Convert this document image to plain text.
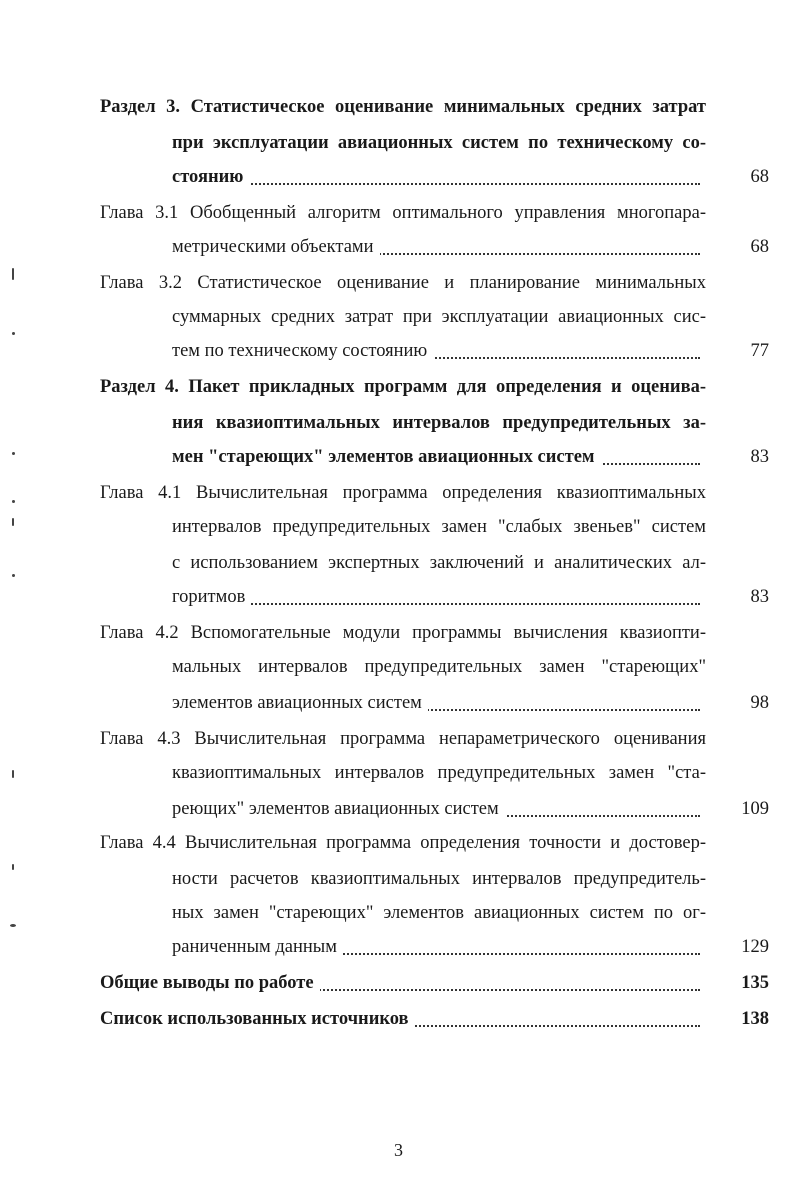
Раздел 3. Статистическое оценивание минимальных средних затрат
при эксплуатации авиационных систем по техническому со-
стоянию	68
Глава 3.1 Обобщенный алгоритм оптимального управления многопара-
метрическими объектами	68
Глава 3.2 Статистическое оценивание и планирование минимальных
суммарных средних затрат при эксплуатации авиационных сис-
тем по техническому состоянию	77
Раздел 4. Пакет прикладных программ для определения и оценива-
ния квазиоптимальных интервалов предупредительных за-
мен "стареющих" элементов авиационных систем	83
Глава 4.1 Вычислительная программа определения квазиоптимальных
интервалов предупредительных замен "слабых звеньев" систем
с использованием экспертных заключений и аналитических ал-
горитмов	83
Глава 4.2 Вспомогательные модули программы вычисления квазиопти-
мальных интервалов предупредительных замен "стареющих"
элементов авиационных систем	98
Глава 4.3 Вычислительная программа непараметрического оценивания
квазиоптимальных интервалов предупредительных замен "ста-
реющих" элементов авиационных систем	109
Глава 4.4 Вычислительная программа определения точности и достовер-
ности расчетов квазиоптимальных интервалов предупредитель-
ных замен "стареющих" элементов авиационных систем по ог-
раниченным данным	129
Общие выводы по работе	135
Список использованных источников	138
3
